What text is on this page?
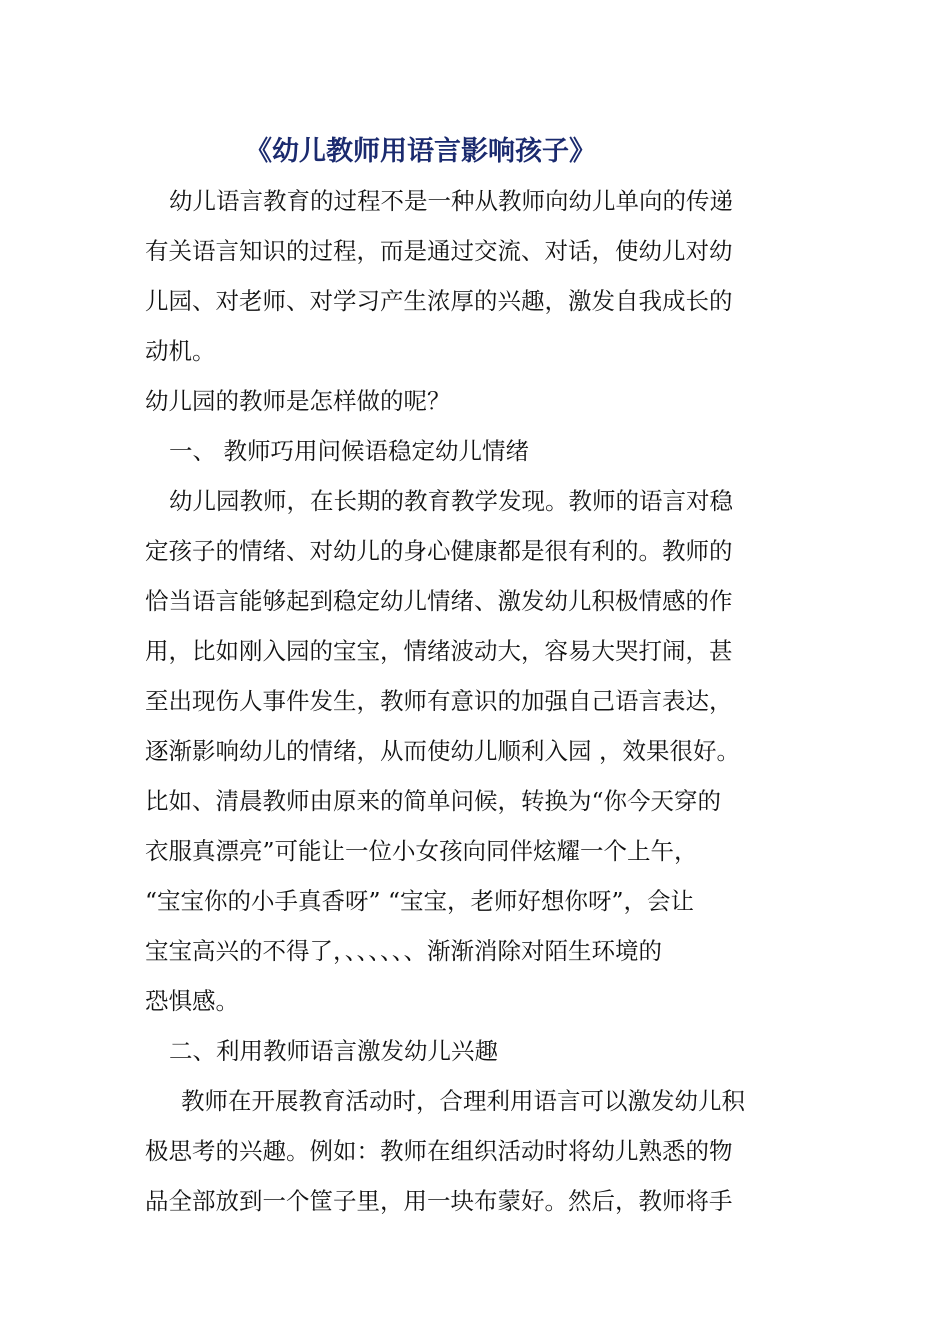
《幼儿教师用语言影响孩子》

幼儿语言教育的过程不是一种从教师向幼儿单向的传递
有关语言知识的过程，而是通过交流、对话，使幼儿对幼
儿园、对老师、对学习产生浓厚的兴趣，激发自我成长的
动机。

幼儿园的教师是怎样做的呢？

一、 教师巧用问候语稳定幼儿情绪

幼儿园教师，在长期的教育教学发现。教师的语言对稳
定孩子的情绪、对幼儿的身心健康都是很有利的。教师的
恰当语言能够起到稳定幼儿情绪、激发幼儿积极情感的作
用，比如刚入园的宝宝，情绪波动大，容易大哭打闹，甚
至出现伤人事件发生，教师有意识的加强自己语言表达，
逐渐影响幼儿的情绪，从而使幼儿顺利入园 ，效果很好。
比如、清晨教师由原来的简单问候，转换为“你今天穿的
衣服真漂亮”可能让一位小女孩向同伴炫耀一个上午，
“宝宝你的小手真香呀” “宝宝，老师好想你呀”，会让
宝宝高兴的不得了，、、、、、、渐渐消除对陌生环境的
恐惧感。

二、利用教师语言激发幼儿兴趣

教师在开展教育活动时，合理利用语言可以激发幼儿积
极思考的兴趣。例如：教师在组织活动时将幼儿熟悉的物
品全部放到一个筐子里，用一块布蒙好。然后，教师将手
